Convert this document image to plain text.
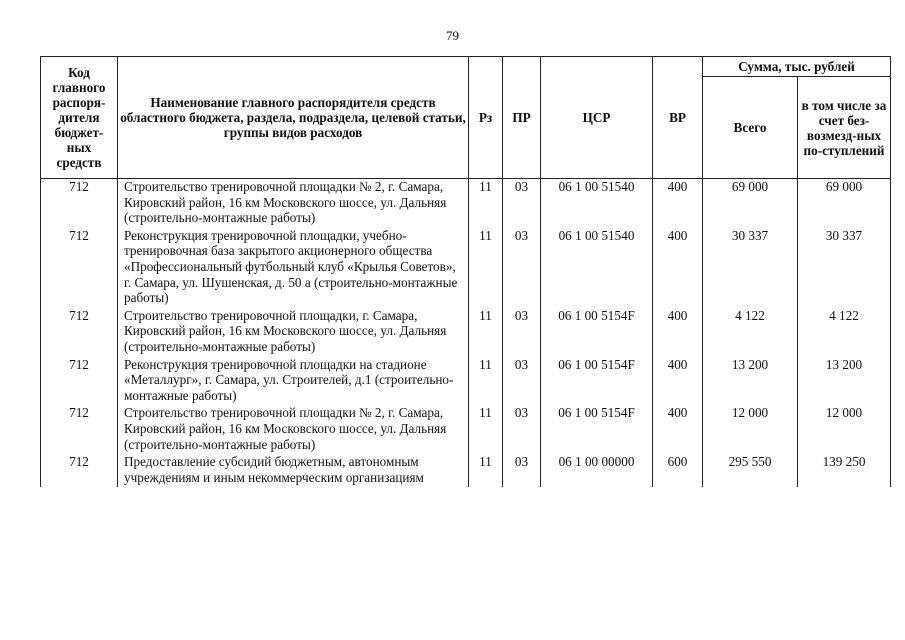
79
Код главного распоря-дителя бюджет-ных средств	Наименование главного распорядителя средств областного бюджета, раздела, подраздела, целевой статьи, группы видов расходов	Рз	ПР	ЦСР	ВР	Сумма, тыс. рублей	
						Всего	в том числе за счет без-возмезд-ных по-ступлений
712	Строительство тренировочной площадки № 2, г. Самара, Кировский район, 16 км Московского шоссе, ул. Дальняя (строительно-монтажные работы)	11	03	06 1 00 51540	400	69 000	69 000
712	Реконструкция тренировочной площадки, учебно-тренировочная база закрытого акционерного общества «Профессиональный футбольный клуб «Крылья Советов», г. Самара, ул. Шушенская, д. 50 а (строительно-монтажные работы)	11	03	06 1 00 51540	400	30 337	30 337
712	Строительство тренировочной площадки, г. Самара, Кировский район, 16 км Московского шоссе, ул. Дальняя (строительно-монтажные работы)	11	03	06 1 00 5154F	400	4 122	4 122
712	Реконструкция тренировочной площадки на стадионе «Металлург», г. Самара, ул. Строителей, д.1 (строительно-монтажные работы)	11	03	06 1 00 5154F	400	13 200	13 200
712	Строительство тренировочной площадки № 2, г. Самара, Кировский район, 16 км Московского шоссе, ул. Дальняя (строительно-монтажные работы)	11	03	06 1 00 5154F	400	12 000	12 000
712	Предоставление субсидий бюджетным, автономным учреждениям и иным некоммерческим организациям	11	03	06 1 00 00000	600	295 550	139 250
